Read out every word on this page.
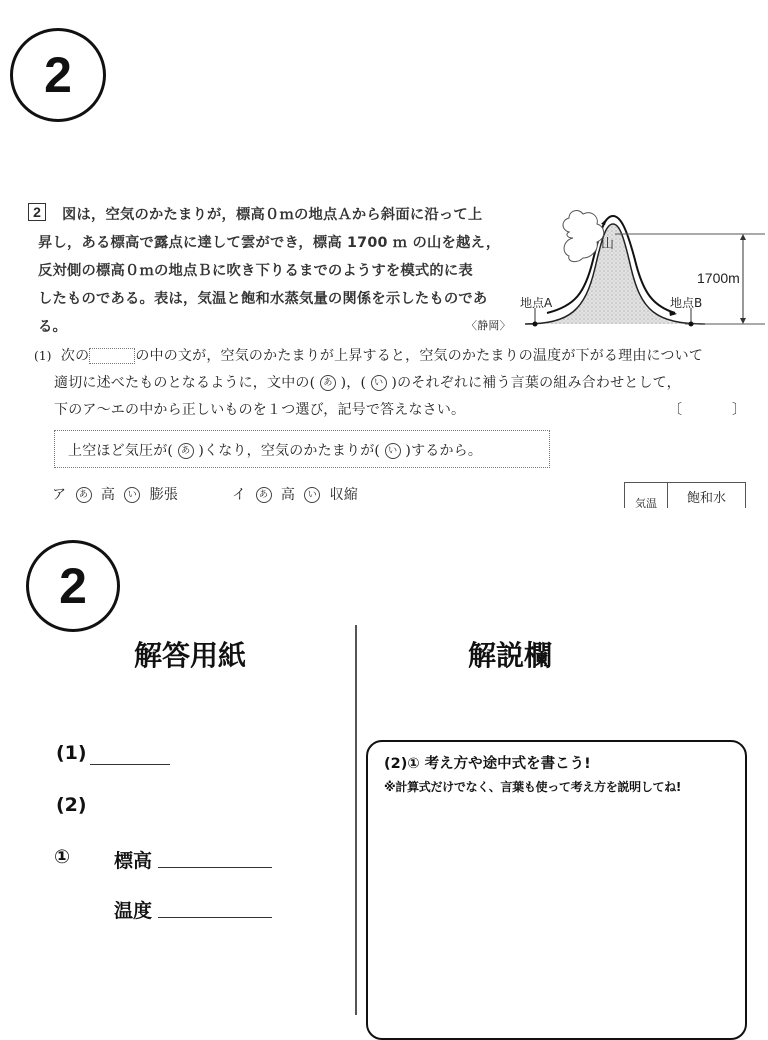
2
2 図は，空気のかたまりが，標高０ｍの地点Ａから斜面に沿って上
昇し，ある標高で露点に達して雲ができ，標高 1700 ｍ の山を越え，
反対側の標高０ｍの地点Ｂに吹き下りるまでのようすを模式的に表
したものである。表は，気温と飽和水蒸気量の関係を示したものであ
る。	〈静岡〉
山
1700m
地点A	地点B
(1) 次の	の中の文が，空気のかたまりが上昇すると，空気のかたまりの温度が下がる理由について
適切に述べたものとなるように，文中の( あ )，( い )のそれぞれに補う言葉の組み合わせとして，
下のア～エの中から正しいものを１つ選び，記号で答えなさい。	〔	〕
上空ほど気圧が( あ )くなり，空気のかたまりが( い )するから。
ア あ 高 い 膨張	イ あ 高 い 収縮
気温	飽和水
2
解答用紙	解説欄
(1)
(2)
① 標高
温度
(2)① 考え方や途中式を書こう!
※計算式だけでなく、言葉も使って考え方を説明してね!
